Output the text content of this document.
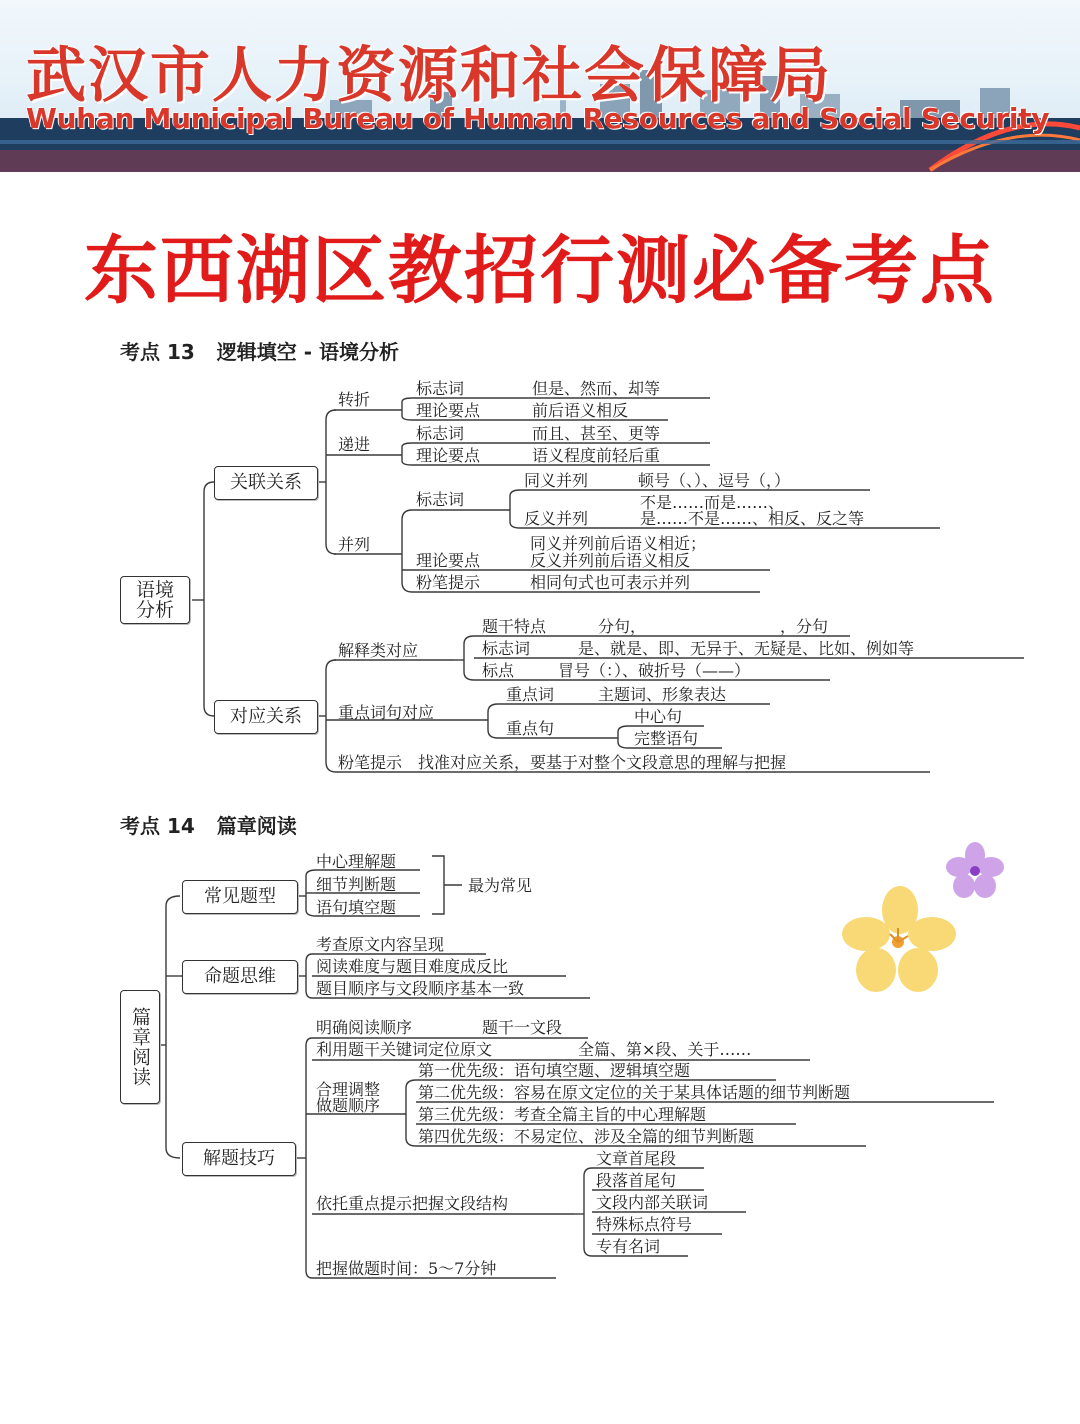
武汉市人力资源和社会保障局
Wuhan Municipal Bureau of Human Resources and Social Security
东西湖区教招行测必备考点
考点 13 逻辑填空 - 语境分析
语境分析
关联关系
转折
标志词	但是、然而、却等
理论要点	前后语义相反
递进
标志词	而且、甚至、更等
理论要点	语义程度前轻后重
并列
标志词
同义并列	顿号（、）、逗号（，）
不是……而是……、
反义并列	是……不是……、相反、反之等
理论要点
同义并列前后语义相近；
反义并列前后语义相反
粉笔提示	相同句式也可表示并列
对应关系
解释类对应
题干特点	分句，	，分句
标志词	是、就是、即、无异于、无疑是、比如、例如等
标点	冒号（：）、破折号（——）
重点词句对应
重点词	主题词、形象表达
重点句
中心句
完整语句
粉笔提示　找准对应关系，要基于对整个文段意思的理解与把握
考点 14 篇章阅读
篇章阅读
常见题型
中心理解题
细节判断题
语句填空题
最为常见
命题思维
考查原文内容呈现
阅读难度与题目难度成反比
题目顺序与文段顺序基本一致
解题技巧
明确阅读顺序	题干一文段
利用题干关键词定位原文	全篇、第×段、关于……
合理调整
做题顺序
第一优先级：语句填空题、逻辑填空题
第二优先级：容易在原文定位的关于某具体话题的细节判断题
第三优先级：考查全篇主旨的中心理解题
第四优先级：不易定位、涉及全篇的细节判断题
依托重点提示把握文段结构
文章首尾段
段落首尾句
文段内部关联词
特殊标点符号
专有名词
把握做题时间：5～7分钟
